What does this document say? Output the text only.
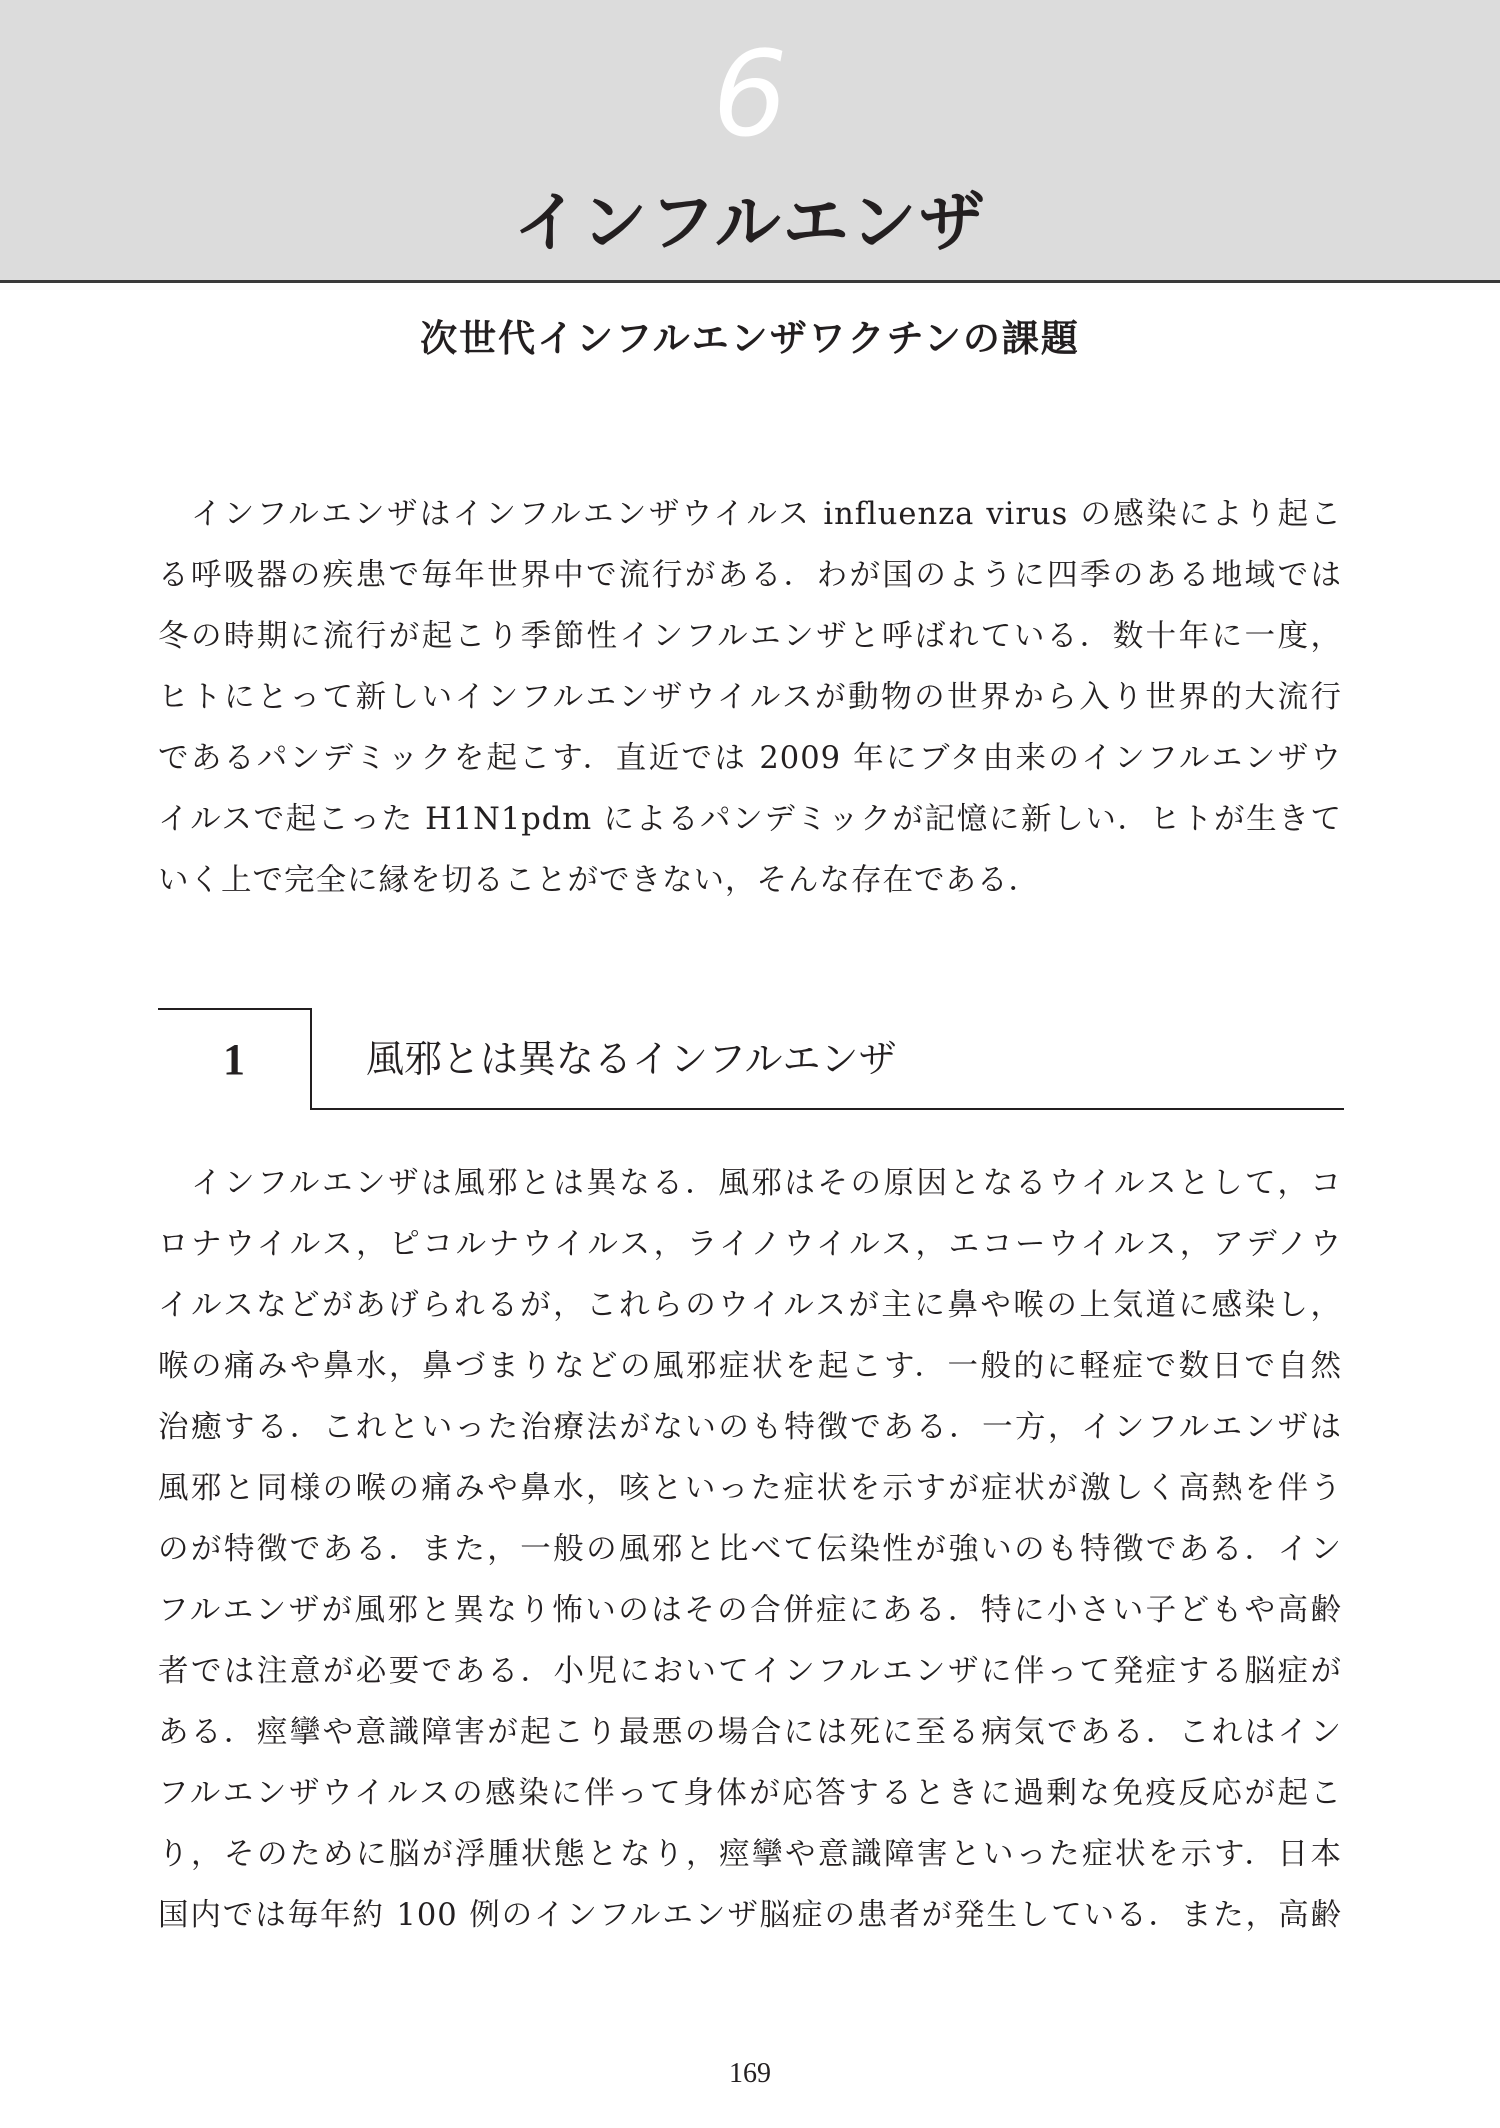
6
インフルエンザ
次世代インフルエンザワクチンの課題
　インフルエンザはインフルエンザウイルス influenza virus の感染により起こ
る呼吸器の疾患で毎年世界中で流行がある．わが国のように四季のある地域では
冬の時期に流行が起こり季節性インフルエンザと呼ばれている．数十年に一度，
ヒトにとって新しいインフルエンザウイルスが動物の世界から入り世界的大流行
であるパンデミックを起こす．直近では 2009 年にブタ由来のインフルエンザウ
イルスで起こった H1N1pdm によるパンデミックが記憶に新しい．ヒトが生きて
いく上で完全に縁を切ることができない，そんな存在である．
1	風邪とは異なるインフルエンザ
　インフルエンザは風邪とは異なる．風邪はその原因となるウイルスとして，コ
ロナウイルス，ピコルナウイルス，ライノウイルス，エコーウイルス，アデノウ
イルスなどがあげられるが，これらのウイルスが主に鼻や喉の上気道に感染し，
喉の痛みや鼻水，鼻づまりなどの風邪症状を起こす．一般的に軽症で数日で自然
治癒する．これといった治療法がないのも特徴である．一方，インフルエンザは
風邪と同様の喉の痛みや鼻水，咳といった症状を示すが症状が激しく高熱を伴う
のが特徴である．また，一般の風邪と比べて伝染性が強いのも特徴である．イン
フルエンザが風邪と異なり怖いのはその合併症にある．特に小さい子どもや高齢
者では注意が必要である．小児においてインフルエンザに伴って発症する脳症が
ある．痙攣や意識障害が起こり最悪の場合には死に至る病気である．これはイン
フルエンザウイルスの感染に伴って身体が応答するときに過剰な免疫反応が起こ
り，そのために脳が浮腫状態となり，痙攣や意識障害といった症状を示す．日本
国内では毎年約 100 例のインフルエンザ脳症の患者が発生している．また，高齢
169
